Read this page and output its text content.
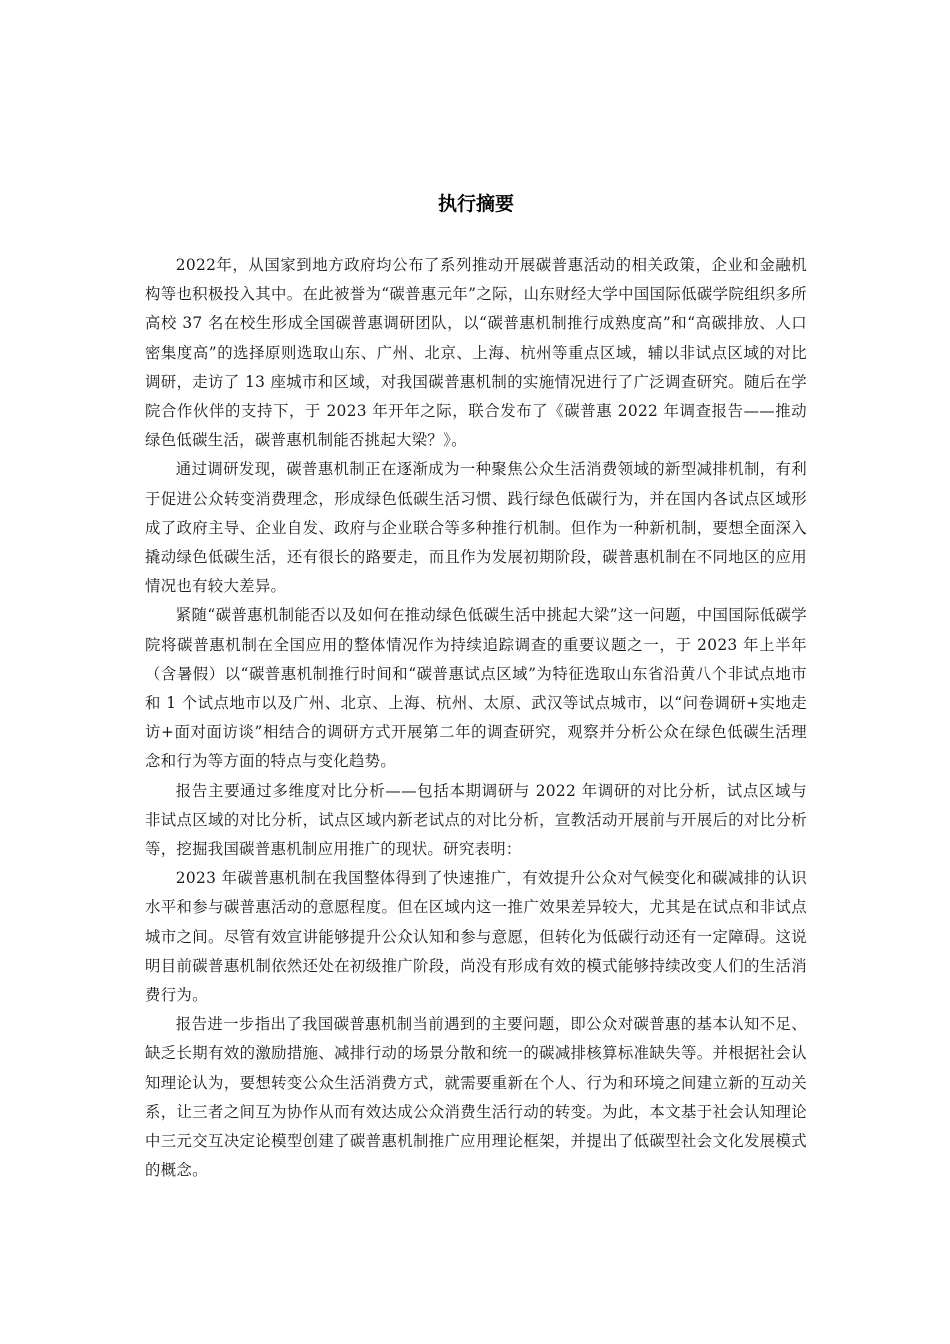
执行摘要

2022年，从国家到地方政府均公布了系列推动开展碳普惠活动的相关政策，企业和金融机构等也积极投入其中。在此被誉为“碳普惠元年”之际，山东财经大学中国国际低碳学院组织多所高校 37 名在校生形成全国碳普惠调研团队，以“碳普惠机制推行成熟度高”和“高碳排放、人口密集度高”的选择原则选取山东、广州、北京、上海、杭州等重点区域，辅以非试点区域的对比调研，走访了 13 座城市和区域，对我国碳普惠机制的实施情况进行了广泛调查研究。随后在学院合作伙伴的支持下，于 2023 年开年之际，联合发布了《碳普惠 2022 年调查报告——推动绿色低碳生活，碳普惠机制能否挑起大梁？》。

通过调研发现，碳普惠机制正在逐渐成为一种聚焦公众生活消费领域的新型减排机制，有利于促进公众转变消费理念，形成绿色低碳生活习惯、践行绿色低碳行为，并在国内各试点区域形成了政府主导、企业自发、政府与企业联合等多种推行机制。但作为一种新机制，要想全面深入撬动绿色低碳生活，还有很长的路要走，而且作为发展初期阶段，碳普惠机制在不同地区的应用情况也有较大差异。

紧随“碳普惠机制能否以及如何在推动绿色低碳生活中挑起大梁”这一问题，中国国际低碳学院将碳普惠机制在全国应用的整体情况作为持续追踪调查的重要议题之一，于 2023 年上半年（含暑假）以“碳普惠机制推行时间和“碳普惠试点区域”为特征选取山东省沿黄八个非试点地市和 1 个试点地市以及广州、北京、上海、杭州、太原、武汉等试点城市，以“问卷调研+实地走访+面对面访谈”相结合的调研方式开展第二年的调查研究，观察并分析公众在绿色低碳生活理念和行为等方面的特点与变化趋势。

报告主要通过多维度对比分析——包括本期调研与 2022 年调研的对比分析，试点区域与非试点区域的对比分析，试点区域内新老试点的对比分析，宣教活动开展前与开展后的对比分析等，挖掘我国碳普惠机制应用推广的现状。研究表明：

2023 年碳普惠机制在我国整体得到了快速推广，有效提升公众对气候变化和碳减排的认识水平和参与碳普惠活动的意愿程度。但在区域内这一推广效果差异较大，尤其是在试点和非试点城市之间。尽管有效宣讲能够提升公众认知和参与意愿，但转化为低碳行动还有一定障碍。这说明目前碳普惠机制依然还处在初级推广阶段，尚没有形成有效的模式能够持续改变人们的生活消费行为。

报告进一步指出了我国碳普惠机制当前遇到的主要问题，即公众对碳普惠的基本认知不足、缺乏长期有效的激励措施、减排行动的场景分散和统一的碳减排核算标准缺失等。并根据社会认知理论认为，要想转变公众生活消费方式，就需要重新在个人、行为和环境之间建立新的互动关系，让三者之间互为协作从而有效达成公众消费生活行动的转变。为此，本文基于社会认知理论中三元交互决定论模型创建了碳普惠机制推广应用理论框架，并提出了低碳型社会文化发展模式的概念。
